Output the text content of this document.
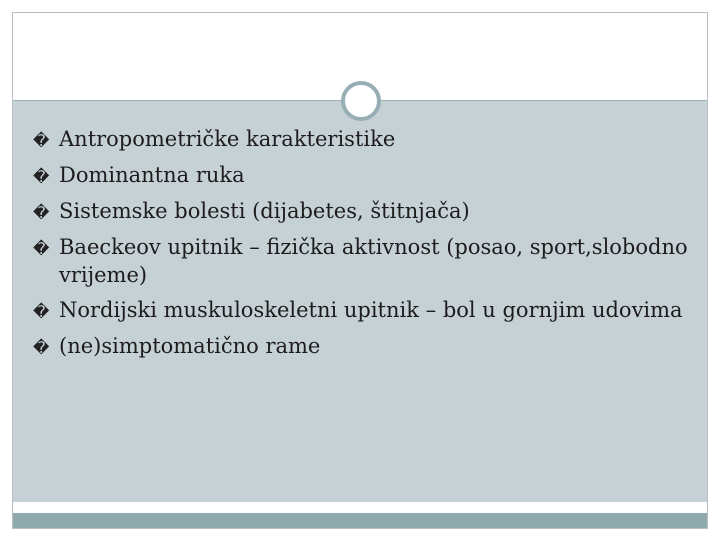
� Antropometričke karakteristike
� Dominantna ruka
� Sistemske bolesti (dijabetes, štitnjača)
� Baeckeov upitnik – fizička aktivnost (posao, sport,slobodno vrijeme)
� Nordijski muskuloskeletni upitnik – bol u gornjim udovima
� (ne)simptomatično rame
